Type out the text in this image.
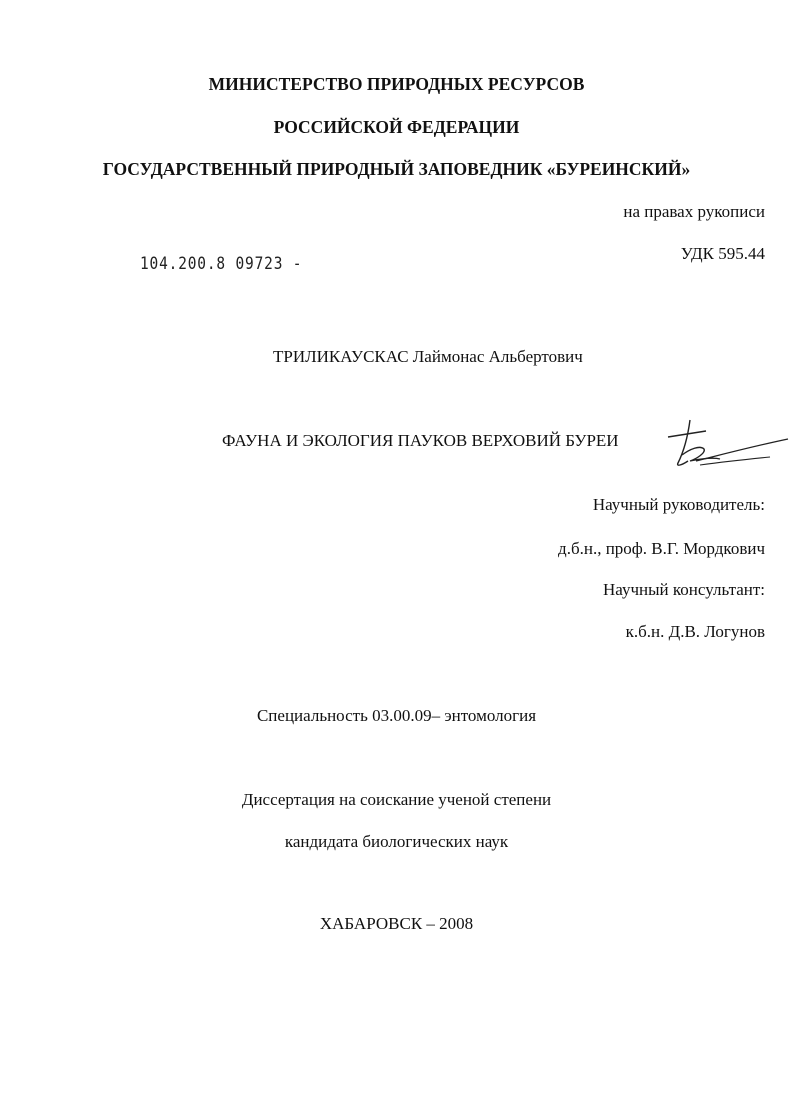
МИНИСТЕРСТВО ПРИРОДНЫХ РЕСУРСОВ
РОССИЙСКОЙ ФЕДЕРАЦИИ
ГОСУДАРСТВЕННЫЙ ПРИРОДНЫЙ ЗАПОВЕДНИК «БУРЕИНСКИЙ»
на правах рукописи
УДК 595.44
104.200.8 09723 -
ТРИЛИКАУСКАС Лаймонас Альбертович
ФАУНА И ЭКОЛОГИЯ ПАУКОВ ВЕРХОВИЙ БУРЕИ
Научный руководитель:
д.б.н., проф. В.Г. Мордкович
Научный консультант:
к.б.н. Д.В. Логунов
Специальность 03.00.09– энтомология
Диссертация на соискание ученой степени
кандидата биологических наук
ХАБАРОВСК – 2008
